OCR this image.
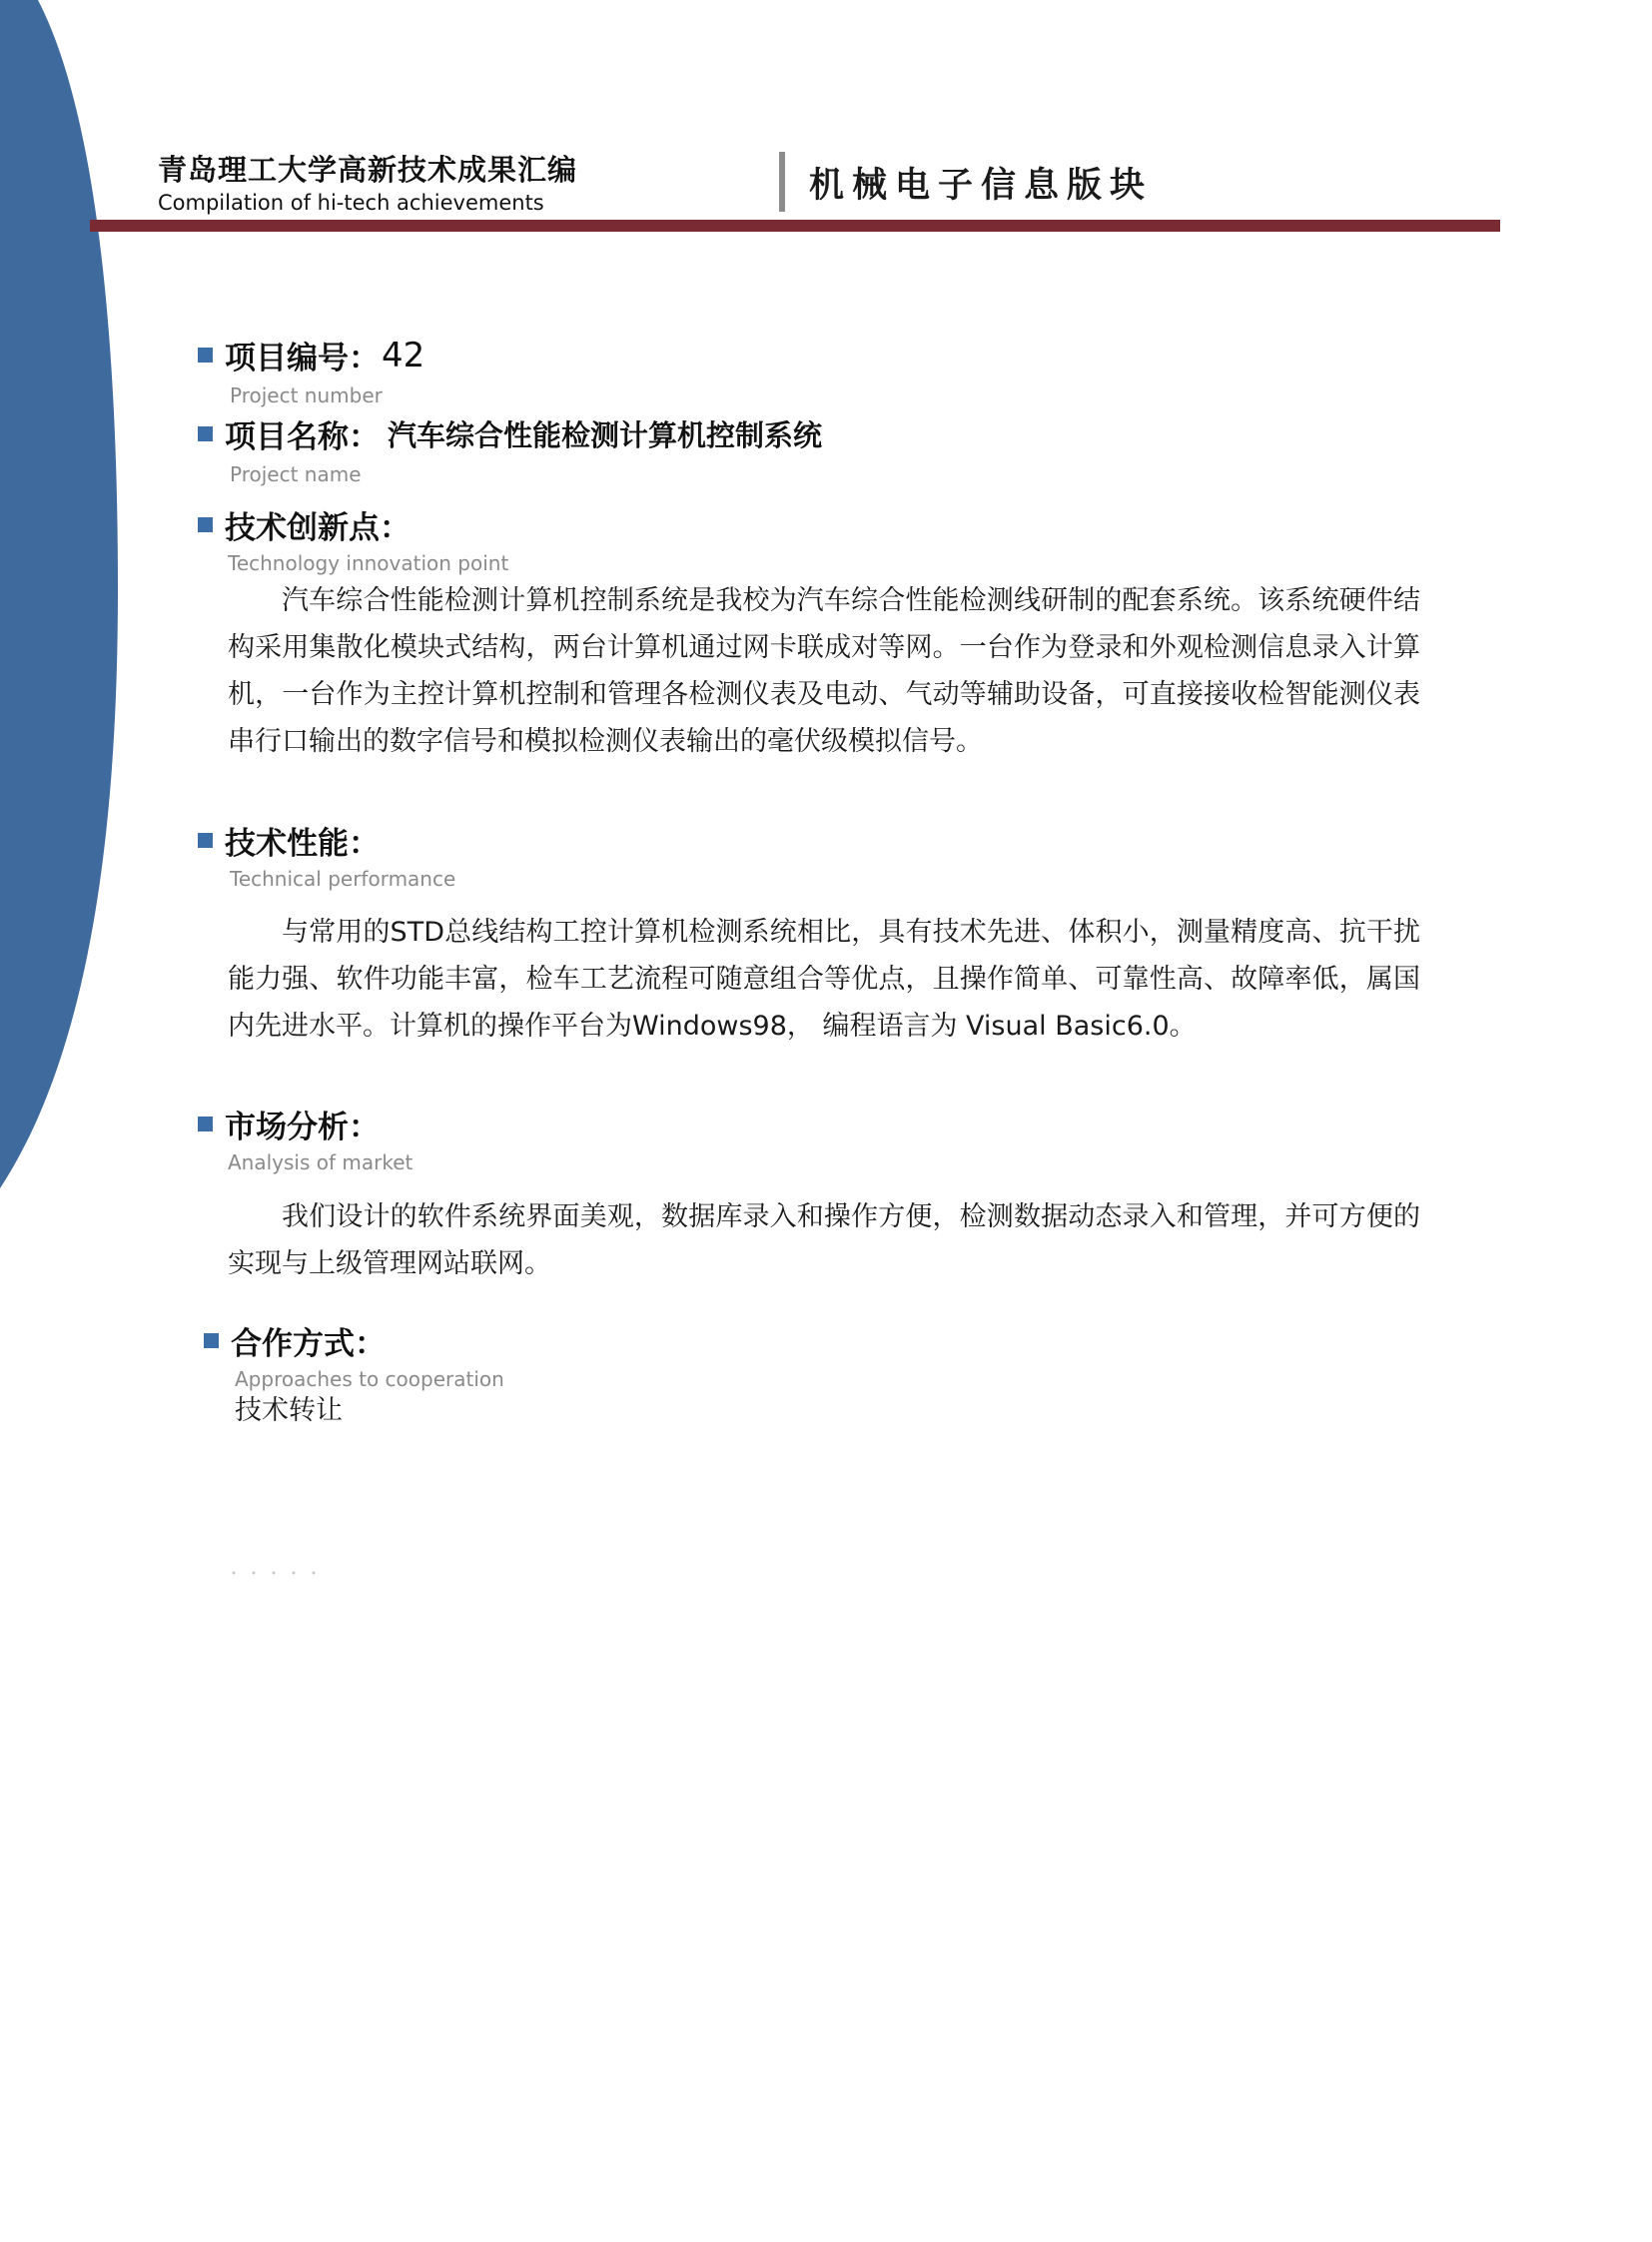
青岛理工大学高新技术成果汇编
Compilation of hi-tech achievements	机械电子信息版块
项目编号： 42
Project number
项目名称： 汽车综合性能检测计算机控制系统
Project name
技术创新点：
Technology innovation point
汽车综合性能检测计算机控制系统是我校为汽车综合性能检测线研制的配套系统。该系统硬件结构采用集散化模块式结构，两台计算机通过网卡联成对等网。一台作为登录和外观检测信息录入计算机，一台作为主控计算机控制和管理各检测仪表及电动、气动等辅助设备，可直接接收检智能测仪表串行口输出的数字信号和模拟检测仪表输出的毫伏级模拟信号。
技术性能：
Technical performance
与常用的STD总线结构工控计算机检测系统相比，具有技术先进、体积小，测量精度高、抗干扰能力强、软件功能丰富，检车工艺流程可随意组合等优点，且操作简单、可靠性高、故障率低，属国内先进水平。计算机的操作平台为Windows98， 编程语言为 Visual Basic6.0。
市场分析：
Analysis of market
我们设计的软件系统界面美观，数据库录入和操作方便，检测数据动态录入和管理，并可方便的实现与上级管理网站联网。
合作方式：
Approaches to cooperation
技术转让
